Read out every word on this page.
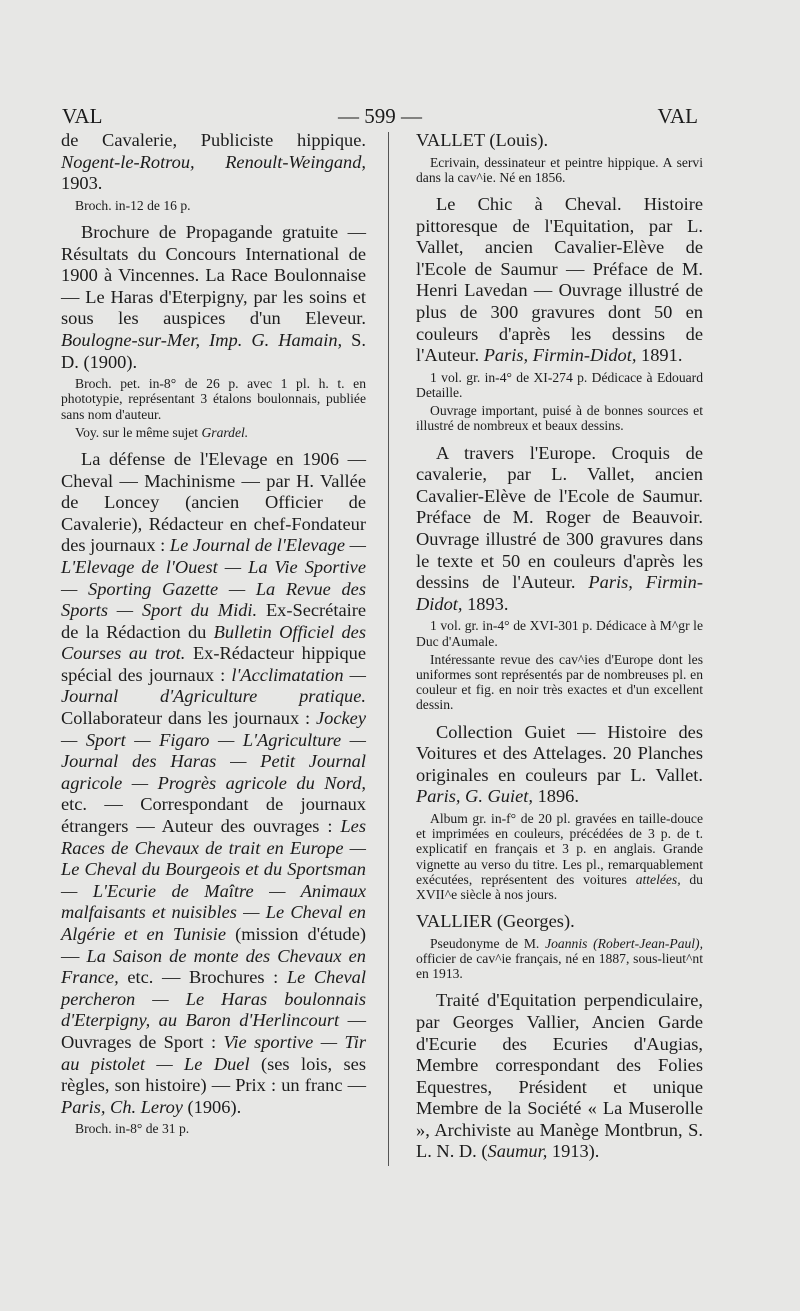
VAL	— 599 —	VAL

de Cavalerie, Publiciste hippique. Nogent-le-Rotrou, Renoult-Weingand, 1903.

Broch. in-12 de 16 p.

Brochure de Propagande gratuite — Résultats du Concours International de 1900 à Vincennes. La Race Boulonnaise — Le Haras d'Eterpigny, par les soins et sous les auspices d'un Eleveur. Boulogne-sur-Mer, Imp. G. Hamain, S. D. (1900).

Broch. pet. in-8° de 26 p. avec 1 pl. h. t. en phototypie, représentant 3 étalons boulonnais, publiée sans nom d'auteur.

Voy. sur le même sujet Grardel.

La défense de l'Elevage en 1906 — Cheval — Machinisme — par H. Vallée de Loncey (ancien Officier de Cavalerie), Rédacteur en chef-Fondateur des journaux : Le Journal de l'Elevage — L'Elevage de l'Ouest — La Vie Sportive — Sporting Gazette — La Revue des Sports — Sport du Midi. Ex-Secrétaire de la Rédaction du Bulletin Officiel des Courses au trot. Ex-Rédacteur hippique spécial des journaux : l'Acclimatation — Journal d'Agriculture pratique. Collaborateur dans les journaux : Jockey — Sport — Figaro — L'Agriculture — Journal des Haras — Petit Journal agricole — Progrès agricole du Nord, etc. — Correspondant de journaux étrangers — Auteur des ouvrages : Les Races de Chevaux de trait en Europe — Le Cheval du Bourgeois et du Sportsman — L'Ecurie de Maître — Animaux malfaisants et nuisibles — Le Cheval en Algérie et en Tunisie (mission d'étude) — La Saison de monte des Chevaux en France, etc. — Brochures : Le Cheval percheron — Le Haras boulonnais d'Eterpigny, au Baron d'Herlincourt — Ouvrages de Sport : Vie sportive — Tir au pistolet — Le Duel (ses lois, ses règles, son histoire) — Prix : un franc — Paris, Ch. Leroy (1906).

Broch. in-8° de 31 p.

VALLET (Louis).

Ecrivain, dessinateur et peintre hippique. A servi dans la cav^ie. Né en 1856.

Le Chic à Cheval. Histoire pittoresque de l'Equitation, par L. Vallet, ancien Cavalier-Elève de l'Ecole de Saumur — Préface de M. Henri Lavedan — Ouvrage illustré de plus de 300 gravures dont 50 en couleurs d'après les dessins de l'Auteur. Paris, Firmin-Didot, 1891.

1 vol. gr. in-4° de XI-274 p. Dédicace à Edouard Detaille.

Ouvrage important, puisé à de bonnes sources et illustré de nombreux et beaux dessins.

A travers l'Europe. Croquis de cavalerie, par L. Vallet, ancien Cavalier-Elève de l'Ecole de Saumur. Préface de M. Roger de Beauvoir. Ouvrage illustré de 300 gravures dans le texte et 50 en couleurs d'après les dessins de l'Auteur. Paris, Firmin-Didot, 1893.

1 vol. gr. in-4° de XVI-301 p. Dédicace à M^gr le Duc d'Aumale.

Intéressante revue des cav^ies d'Europe dont les uniformes sont représentés par de nombreuses pl. en couleur et fig. en noir très exactes et d'un excellent dessin.

Collection Guiet — Histoire des Voitures et des Attelages. 20 Planches originales en couleurs par L. Vallet. Paris, G. Guiet, 1896.

Album gr. in-f° de 20 pl. gravées en taille-douce et imprimées en couleurs, précédées de 3 p. de t. explicatif en français et 3 p. en anglais. Grande vignette au verso du titre. Les pl., remarquablement exécutées, représentent des voitures attelées, du XVII^e siècle à nos jours.

VALLIER (Georges).

Pseudonyme de M. Joannis (Robert-Jean-Paul), officier de cav^ie français, né en 1887, sous-lieut^nt en 1913.

Traité d'Equitation perpendiculaire, par Georges Vallier, Ancien Garde d'Ecurie des Ecuries d'Augias, Membre correspondant des Folies Equestres, Président et unique Membre de la Société « La Muserolle », Archiviste au Manège Montbrun, S. L. N. D. (Saumur, 1913).
